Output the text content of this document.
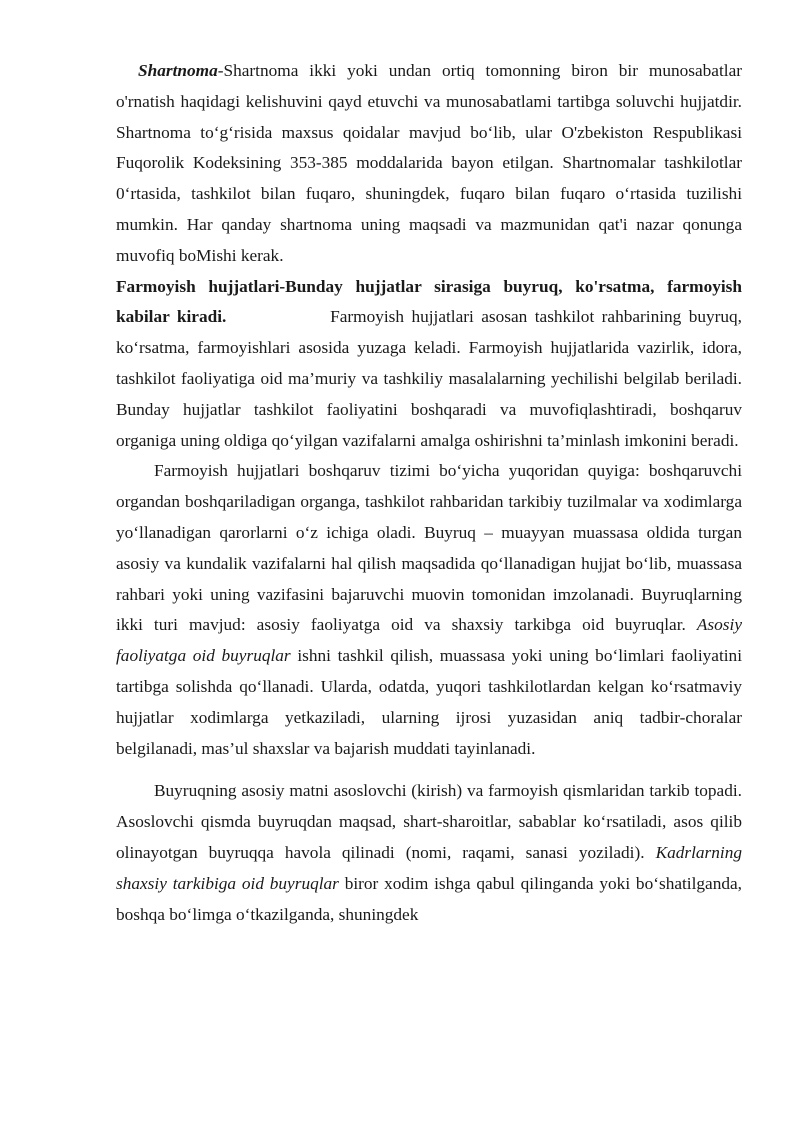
Shartnoma-Shartnoma ikki yoki undan ortiq tomonning biron bir munosabatlar o'rnatish haqidagi kelishuvini qayd etuvchi va munosabatlami tartibga soluvchi hujjatdir. Shartnoma to‘g‘risida maxsus qoidalar mavjud bo‘lib, ular O'zbekiston Respublikasi Fuqorolik Kodeksining 353-385 moddalarida bayon etilgan. Shartnomalar tashkilotlar 0‘rtasida, tashkilot bilan fuqaro, shuningdek, fuqaro bilan fuqaro o‘rtasida tuzilishi mumkin. Har qanday shartnoma uning maqsadi va mazmunidan qat'i nazar qonunga muvofiq boMishi kerak.

Farmoyish hujjatlari-Bunday hujjatlar sirasiga buyruq, ko'rsatma, farmoyish kabilar kiradi.	Farmoyish hujjatlari asosan tashkilot rahbarining buyruq, ko‘rsatma, farmoyishlari asosida yuzaga keladi. Farmoyish hujjatlarida vazirlik, idora, tashkilot faoliyatiga oid ma’muriy va tashkiliy masalalarning yechilishi belgilab beriladi. Bunday hujjatlar tashkilot faoliyatini boshqaradi va muvofiqlashtiradi, boshqaruv organiga uning oldiga qo‘yilgan vazifalarni amalga oshirishni ta’minlash imkonini beradi.

Farmoyish hujjatlari boshqaruv tizimi bo‘yicha yuqoridan quyiga: boshqaruvchi organdan boshqariladigan organga, tashkilot rahbaridan tarkibiy tuzilmalar va xodimlarga yo‘llanadigan qarorlarni o‘z ichiga oladi. Buyruq – muayyan muassasa oldida turgan asosiy va kundalik vazifalarni hal qilish maqsadida qo‘llanadigan hujjat bo‘lib, muassasa rahbari yoki uning vazifasini bajaruvchi muovin tomonidan imzolanadi. Buyruqlarning ikki turi mavjud: asosiy faoliyatga oid va shaxsiy tarkibga oid buyruqlar. Asosiy faoliyatga oid buyruqlar ishni tashkil qilish, muassasa yoki uning bo‘limlari faoliyatini tartibga solishda qo‘llanadi. Ularda, odatda, yuqori tashkilotlardan kelgan ko‘rsatmaviy hujjatlar xodimlarga yetkaziladi, ularning ijrosi yuzasidan aniq tadbir-choralar belgilanadi, mas’ul shaxslar va bajarish muddati tayinlanadi.

Buyruqning asosiy matni asoslovchi (kirish) va farmoyish qismlaridan tarkib topadi. Asoslovchi qismda buyruqdan maqsad, shart-sharoitlar, sabablar ko‘rsatiladi, asos qilib olinayotgan buyruqqa havola qilinadi (nomi, raqami, sanasi yoziladi). Kadrlarning shaxsiy tarkibiga oid buyruqlar biror xodim ishga qabul qilinganda yoki bo‘shatilganda, boshqa bo‘limga o‘tkazilganda, shuningdek
